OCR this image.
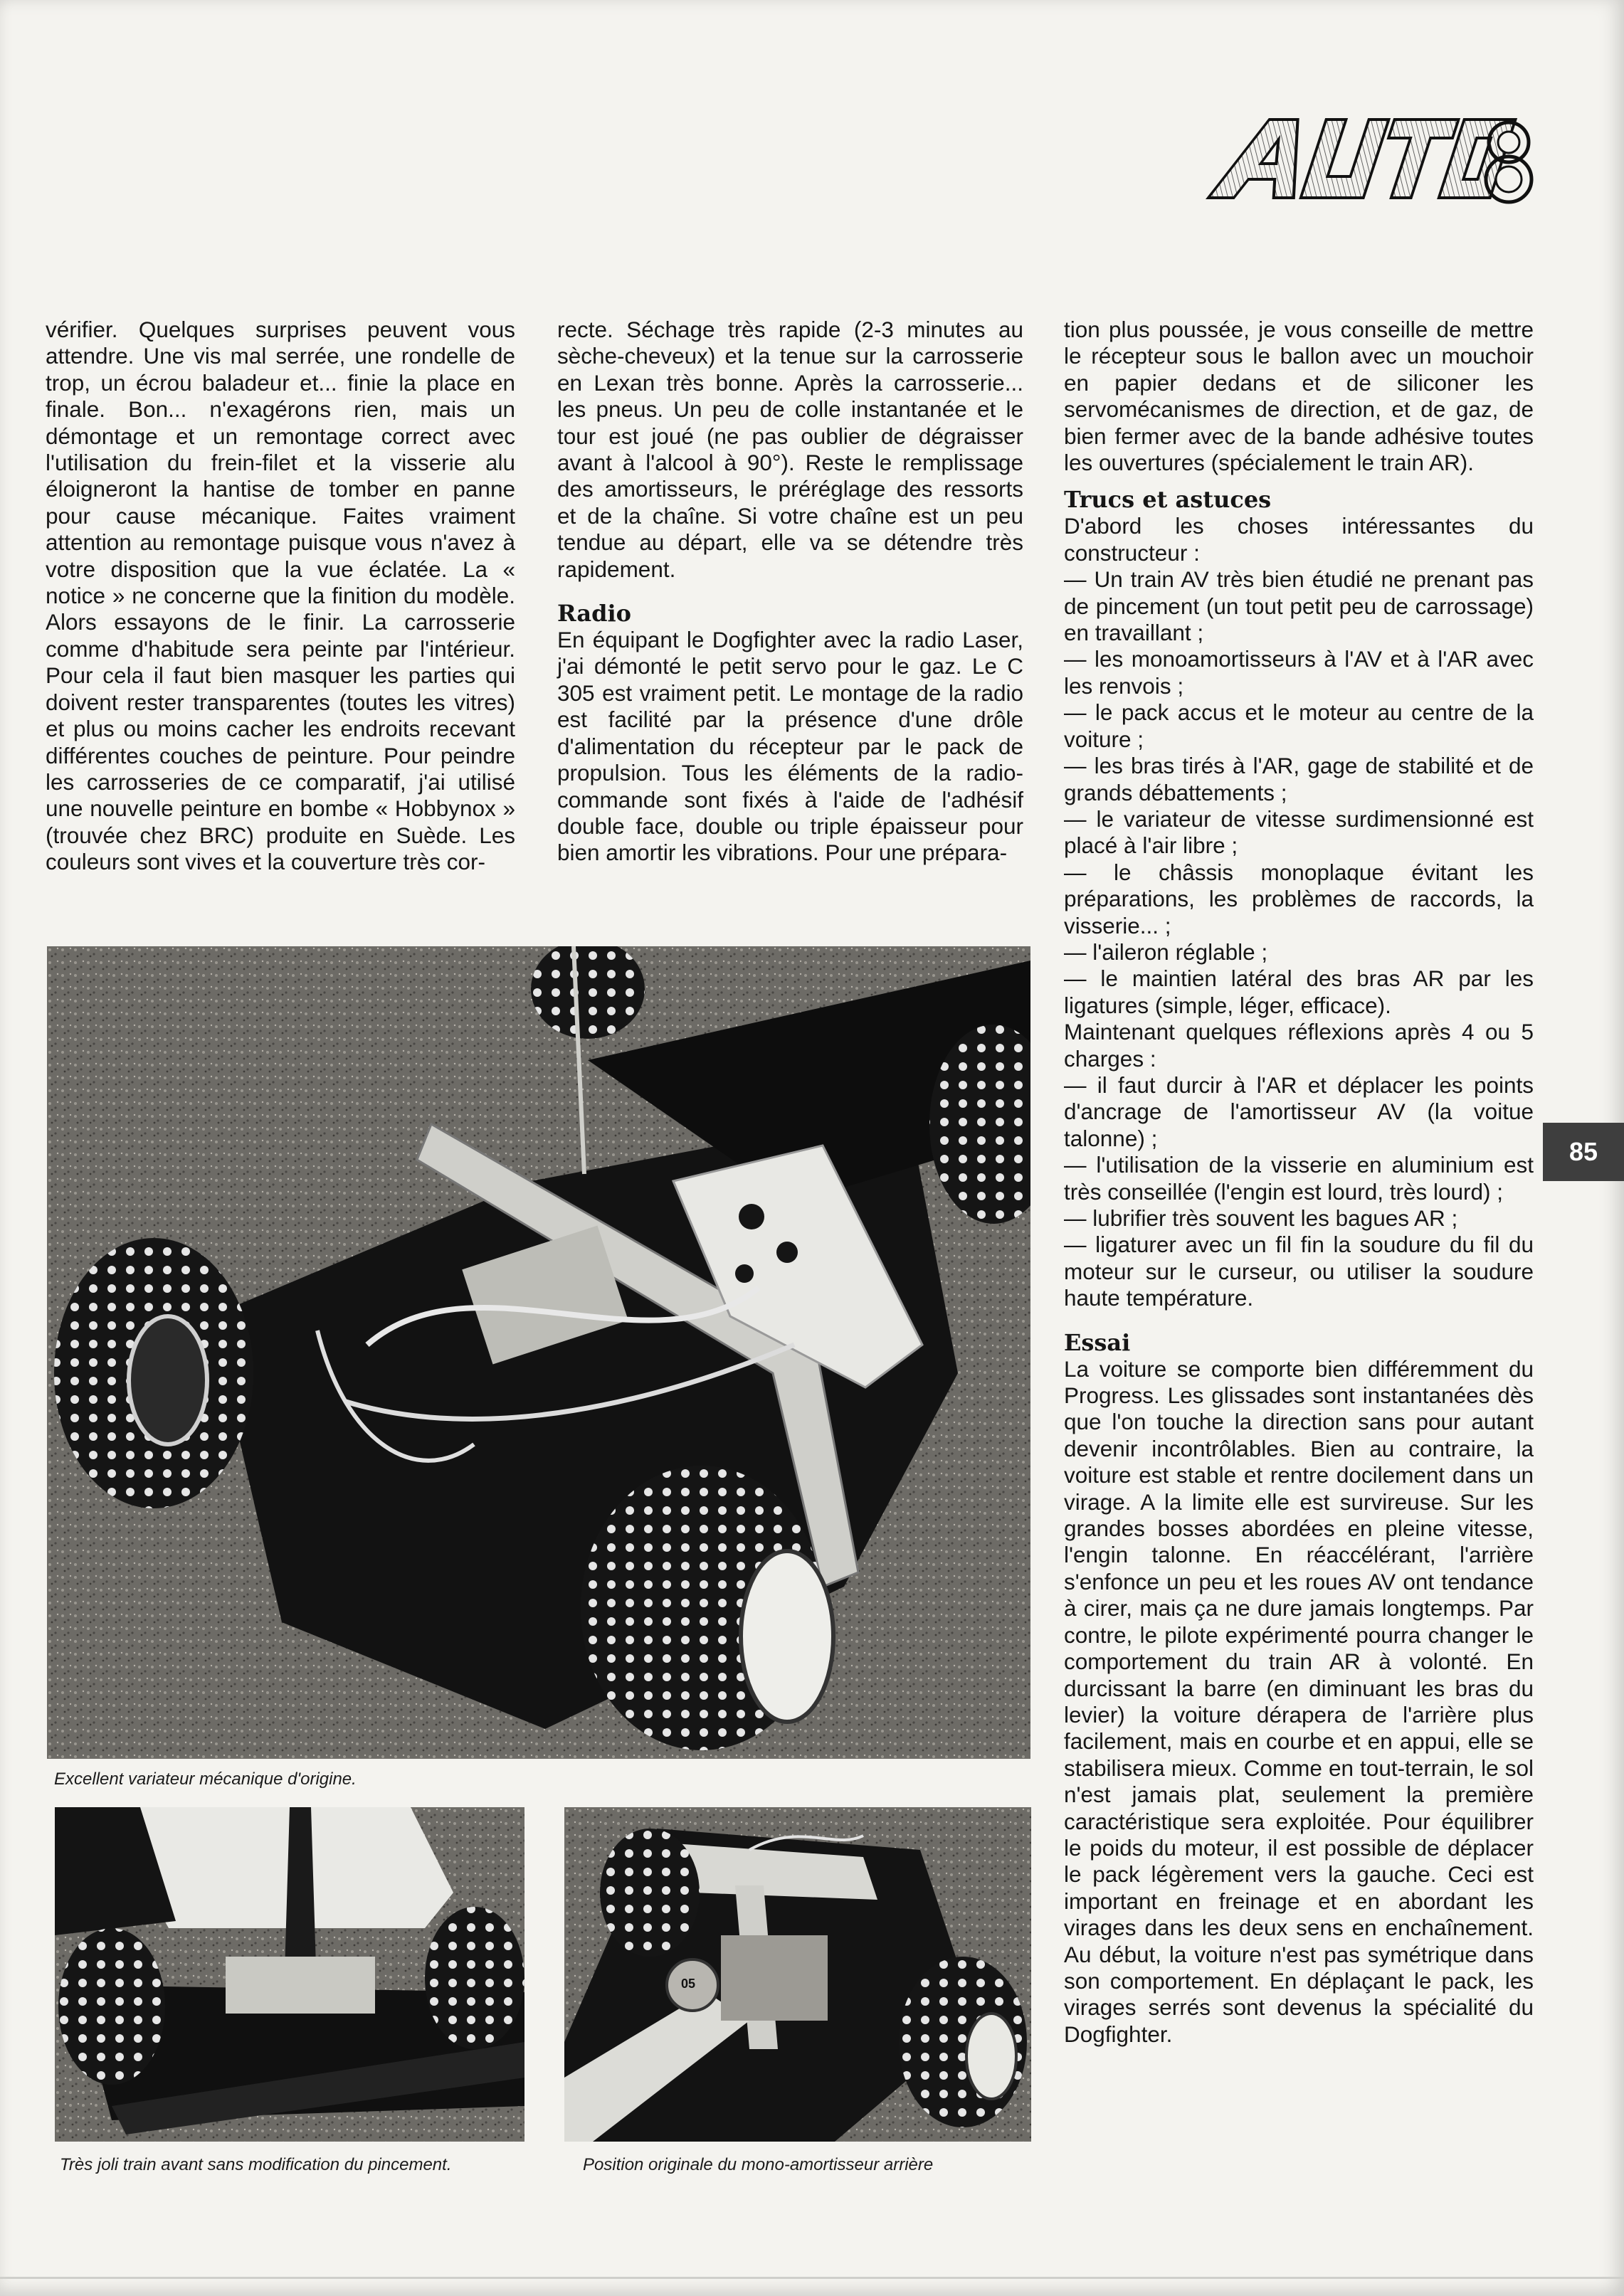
vérifier. Quelques surprises peuvent vous attendre. Une vis mal serrée, une rondelle de trop, un écrou baladeur et... finie la place en finale. Bon... n'exagérons rien, mais un démontage et un remontage correct avec l'utilisation du frein-filet et la visserie alu éloigneront la hantise de tomber en panne pour cause mécanique. Faites vraiment attention au remontage puisque vous n'avez à votre disposition que la vue éclatée. La « notice » ne concerne que la finition du modèle. Alors essayons de le finir. La carrosserie comme d'habitude sera peinte par l'intérieur. Pour cela il faut bien masquer les parties qui doivent rester transparentes (toutes les vitres) et plus ou moins cacher les endroits recevant différentes couches de peinture. Pour peindre les carrosseries de ce comparatif, j'ai utilisé une nouvelle peinture en bombe « Hobbynox » (trouvée chez BRC) produite en Suède. Les couleurs sont vives et la couverture très cor-

recte. Séchage très rapide (2-3 minutes au sèche-cheveux) et la tenue sur la carrosserie en Lexan très bonne. Après la carrosserie... les pneus. Un peu de colle instantanée et le tour est joué (ne pas oublier de dégraisser avant à l'alcool à 90°). Reste le remplissage des amortisseurs, le préréglage des ressorts et de la chaîne. Si votre chaîne est un peu tendue au départ, elle va se détendre très rapidement.

Radio

En équipant le Dogfighter avec la radio Laser, j'ai démonté le petit servo pour le gaz. Le C 305 est vraiment petit. Le montage de la radio est facilité par la présence d'une drôle d'alimentation du récepteur par le pack de propulsion. Tous les éléments de la radio-commande sont fixés à l'aide de l'adhésif double face, double ou triple épaisseur pour bien amortir les vibrations. Pour une prépara-

tion plus poussée, je vous conseille de mettre le récepteur sous le ballon avec un mouchoir en papier dedans et de siliconer les servomécanismes de direction, et de gaz, de bien fermer avec de la bande adhésive toutes les ouvertures (spécialement le train AR).

Trucs et astuces

D'abord les choses intéressantes du constructeur :

— Un train AV très bien étudié ne prenant pas de pincement (un tout petit peu de carrossage) en travaillant ;

— les monoamortisseurs à l'AV et à l'AR avec les renvois ;

— le pack accus et le moteur au centre de la voiture ;

— les bras tirés à l'AR, gage de stabilité et de grands débattements ;

— le variateur de vitesse surdimensionné est placé à l'air libre ;

— le châssis monoplaque évitant les préparations, les problèmes de raccords, la visserie... ;

— l'aileron réglable ;

— le maintien latéral des bras AR par les ligatures (simple, léger, efficace).

Maintenant quelques réflexions après 4 ou 5 charges :

— il faut durcir à l'AR et déplacer les points d'ancrage de l'amortisseur AV (la voitue talonne) ;

— l'utilisation de la visserie en aluminium est très conseillée (l'engin est lourd, très lourd) ;

— lubrifier très souvent les bagues AR ;

— ligaturer avec un fil fin la soudure du fil du moteur sur le curseur, ou utiliser la soudure haute température.

Essai

La voiture se comporte bien différemment du Progress. Les glissades sont instantanées dès que l'on touche la direction sans pour autant devenir incontrôlables. Bien au contraire, la voiture est stable et rentre docilement dans un virage. A la limite elle est survireuse. Sur les grandes bosses abordées en pleine vitesse, l'engin talonne. En réaccélérant, l'arrière s'enfonce un peu et les roues AV ont tendance à cirer, mais ça ne dure jamais longtemps. Par contre, le pilote expérimenté pourra changer le comportement du train AR à volonté. En durcissant la barre (en diminuant les bras du levier) la voiture dérapera de l'arrière plus facilement, mais en courbe et en appui, elle se stabilisera mieux. Comme en tout-terrain, le sol n'est jamais plat, seulement la première caractéristique sera exploitée. Pour équilibrer le poids du moteur, il est possible de déplacer le pack légèrement vers la gauche. Ceci est important en freinage et en abordant les virages dans les deux sens en enchaînement. Au début, la voiture n'est pas symétrique dans son comportement. En déplaçant le pack, les virages serrés sont devenus la spécialité du Dogfighter.

85
Excellent variateur mécanique d'origine.
Très joli train avant sans modification du pincement.
05
Position originale du mono-amortisseur arrière
